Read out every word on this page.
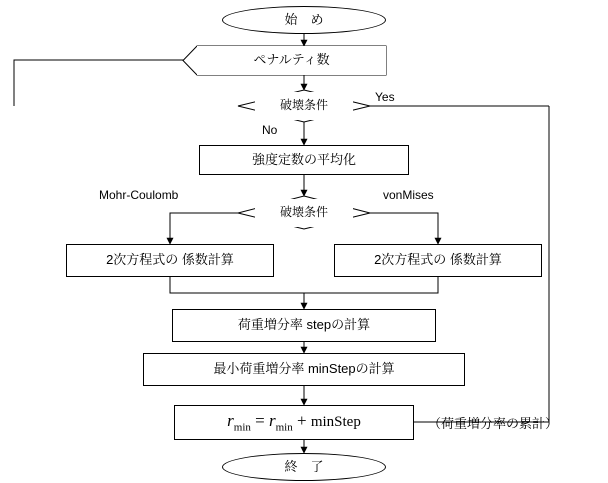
始　め
ペナルティ数
破壊条件
強度定数の平均化
破壊条件
2次方程式の 係数計算	2次方程式の 係数計算
荷重増分率 stepの計算
最小荷重増分率 minStepの計算
$r_{min} = r_{min}$ + minStep	（荷重増分率の累計）
終　了
Yes
No
Mohr-Coulomb	vonMises
